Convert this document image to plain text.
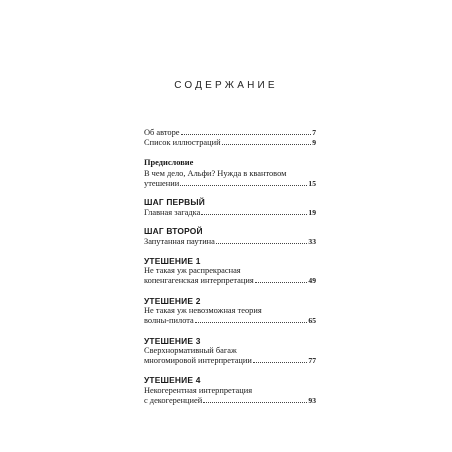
СОДЕРЖАНИЕ
Об авторе	7
Список иллюстраций	9
Предисловие
В чем дело, Альфи? Нужда в квантовом
утешении	15
ШАГ ПЕРВЫЙ
Главная загадка	19
ШАГ ВТОРОЙ
Запутанная паутина	33
УТЕШЕНИЕ 1
Не такая уж распрекрасная
копенгагенская интерпретация	49
УТЕШЕНИЕ 2
Не такая уж невозможная теория
волны-пилота	65
УТЕШЕНИЕ 3
Сверхнормативный багаж
многомировой интерпретации	77
УТЕШЕНИЕ 4
Некогерентная интерпретация
с декогеренцией	93
